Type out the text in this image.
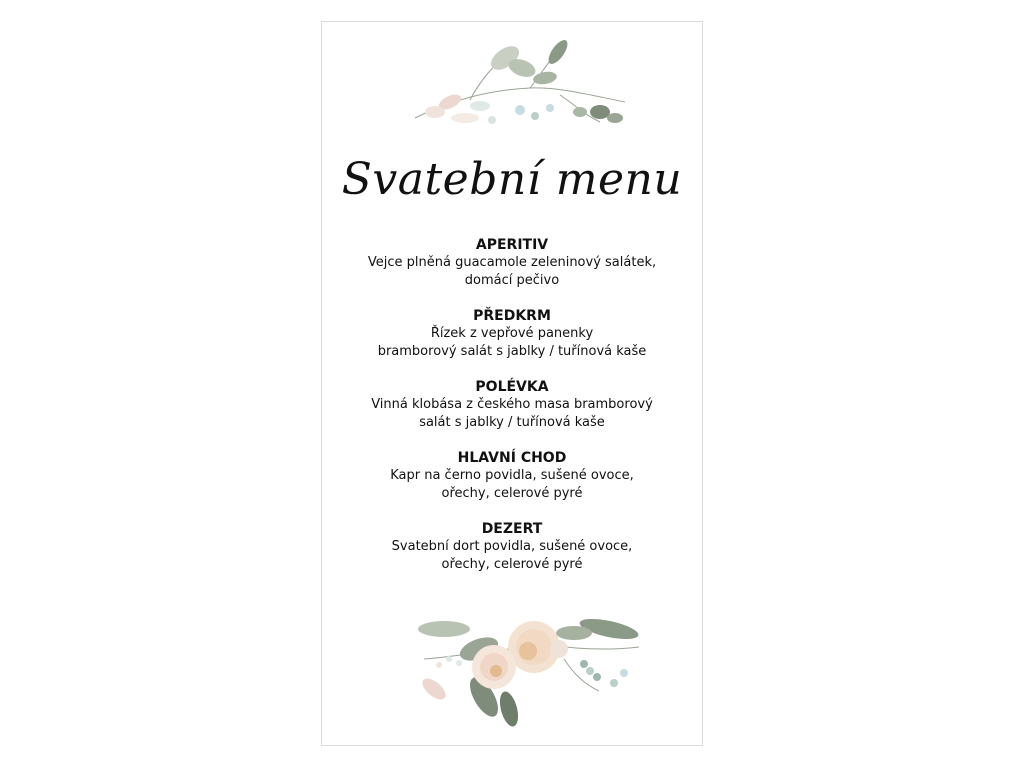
Svatební menu
APERITIV
Vejce plněná guacamole zeleninový salátek,
domácí pečivo
PŘEDKRM
Řízek z vepřové panenky
bramborový salát s jablky / tuřínová kaše
POLÉVKA
Vinná klobása z českého masa bramborový
salát s jablky / tuřínová kaše
HLAVNÍ CHOD
Kapr na černo povidla, sušené ovoce,
ořechy, celerové pyré
DEZERT
Svatební dort povidla, sušené ovoce,
ořechy, celerové pyré
